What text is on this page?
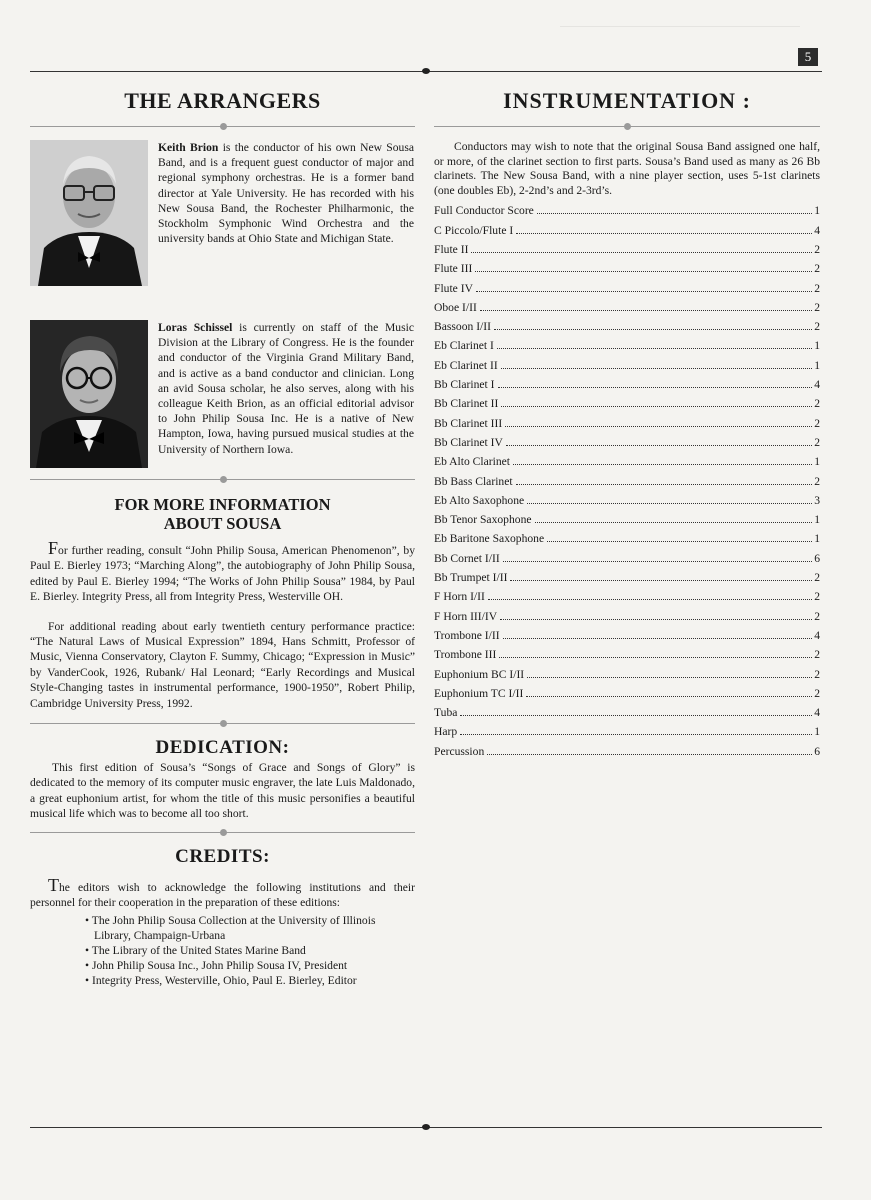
5
THE ARRANGERS
Keith Brion is the conductor of his own New Sousa Band, and is a frequent guest conductor of major and regional symphony orchestras. He is a former band director at Yale University. He has recorded with his New Sousa Band, the Rochester Philharmonic, the Stockholm Symphonic Wind Orchestra and the university bands at Ohio State and Michigan State.
Loras Schissel is currently on staff of the Music Division at the Library of Congress. He is the founder and conductor of the Virginia Grand Military Band, and is active as a band conductor and clinician. Long an avid Sousa scholar, he also serves, along with his colleague Keith Brion, as an official editorial advisor to John Philip Sousa Inc. He is a native of New Hampton, Iowa, having pursued musical studies at the University of Northern Iowa.
FOR MORE INFORMATION
ABOUT SOUSA

For further reading, consult “John Philip Sousa, American Phenomenon”, by Paul E. Bierley 1973; “Marching Along”, the autobiography of John Philip Sousa, edited by Paul E. Bierley 1994; “The Works of John Philip Sousa” 1984, by Paul E. Bierley. Integrity Press, all from Integrity Press, Westerville OH.

For additional reading about early twentieth century performance practice: “The Natural Laws of Musical Expression” 1894, Hans Schmitt, Professor of Music, Vienna Conservatory, Clayton F. Summy, Chicago; “Expression in Music” by VanderCook, 1926, Rubank/ Hal Leonard; “Early Recordings and Musical Style-Changing tastes in instrumental performance, 1900-1950”, Robert Philip, Cambridge University Press, 1992.

DEDICATION:

This first edition of Sousa’s “Songs of Grace and Songs of Glory” is dedicated to the memory of its computer music engraver, the late Luis Maldonado, a great euphonium artist, for whom the title of this music personifies a beautiful musical life which was to become all too short.

CREDITS:

The editors wish to acknowledge the following institutions and their personnel for their cooperation in the preparation of these editions:

• The John Philip Sousa Collection at the University of Illinois Library, Champaign-Urbana
• The Library of the United States Marine Band
• John Philip Sousa Inc., John Philip Sousa IV, President
• Integrity Press, Westerville, Ohio, Paul E. Bierley, Editor
INSTRUMENTATION :

Conductors may wish to note that the original Sousa Band assigned one half, or more, of the clarinet section to first parts. Sousa’s Band used as many as 26 Bb clarinets. The New Sousa Band, with a nine player section, uses 5-1st clarinets (one doubles Eb), 2-2nd’s and 2-3rd’s.

Full Conductor Score	1
C Piccolo/Flute I	4
Flute II	2
Flute III	2
Flute IV	2
Oboe I/II	2
Bassoon I/II	2
Eb Clarinet I	1
Eb Clarinet II	1
Bb Clarinet I	4
Bb Clarinet II	2
Bb Clarinet III	2
Bb Clarinet IV	2
Eb Alto Clarinet	1
Bb Bass Clarinet	2
Eb Alto Saxophone	3
Bb Tenor Saxophone	1
Eb Baritone Saxophone	1
Bb Cornet I/II	6
Bb Trumpet I/II	2
F Horn I/II	2
F Horn III/IV	2
Trombone I/II	4
Trombone III	2
Euphonium BC I/II	2
Euphonium TC I/II	2
Tuba	4
Harp	1
Percussion	6
